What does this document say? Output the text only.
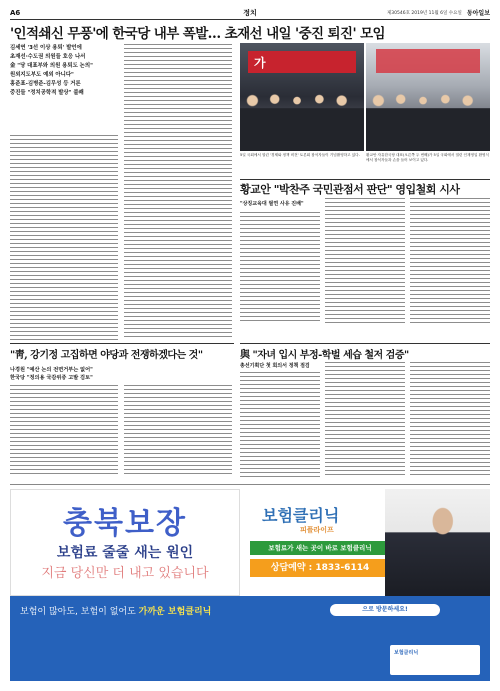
A6	정치	제30546호 2019년 11월 6일 수요일 동아일보
'인적쇄신 무풍'에 한국당 내부 폭발… 초재선 내일 '중진 퇴진' 모임
김세연 '3선 이상 용퇴' 발언에
초재선·수도권 의원들 호응 나서
金 "당 대표부와 의원 용퇴도 논의"
원외지도부도 예외 아니다"
홍준표-김병준-김무성 등 거론
중진들 "정치공학적 발상" 불쾌
가
5일 국회에서 열린 '경제와 정책 비전' 토론회 참석자들이 기념촬영하고 있다.	황교안 자유한국당 대표(오른쪽 두 번째)가 5일 국회에서 열린 인재영입 환영식에서 참석자들과 손을 들어 보이고 있다.
황교안 "박찬주 국민관점서 판단" 영입철회 시사
"상징교육대 필연 사유 진배"
"靑, 강기정 고집하면 야당과 전쟁하겠다는 것"
나경원 "예산 논의 전면거부는 없어"
한국당 "정의용 국감위증 고발 검토"
與 "자녀 입시 부정-학벌 세습 철저 검증"
총선기획단 첫 회의서 정책 점검
충북보장
보험료 줄줄 새는 원인
지금 당신만 더 내고 있습니다
보험클리닉
피플라이프
보험료가 새는 곳이 바로 보험클리닉
상담예약 : 1833-6114
보험이 많아도, 보험이 없어도 가까운 보험클리닉	으로 방문하세요!
보험클리닉
